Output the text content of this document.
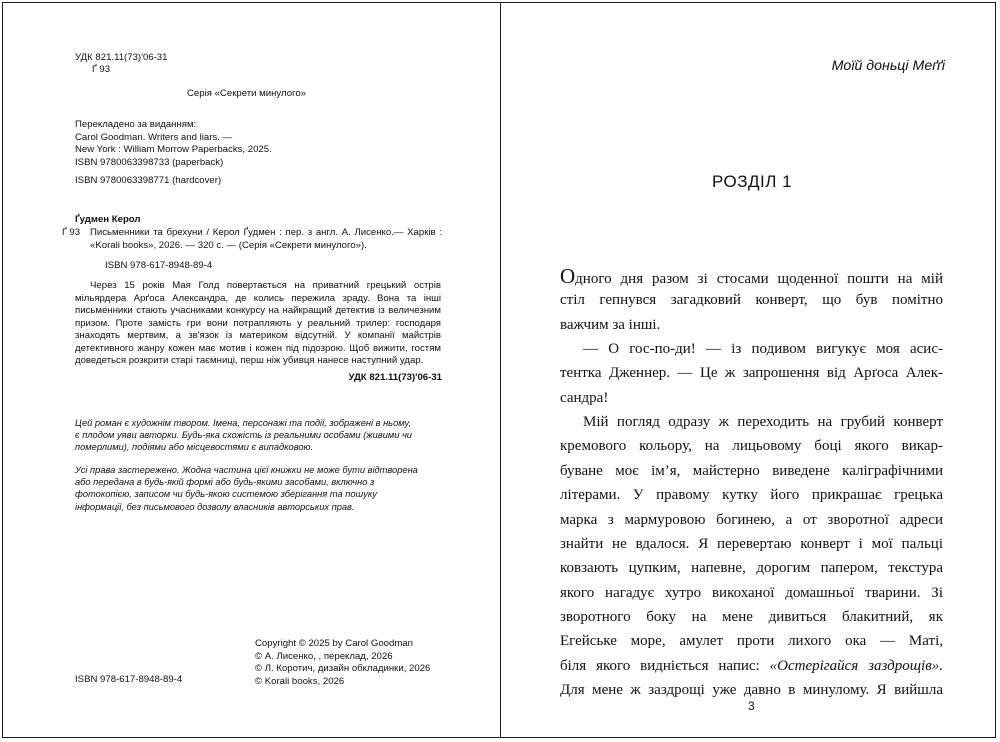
УДК 821.11(73)'06-31
Ґ 93
Серія «Секрети минулого»
Перекладено за виданням:
Carol Goodman. Writers and liars. —
New York : William Morrow Paperbacks, 2025.
ISBN 9780063398733 (paperback)
ISBN 9780063398771 (hardcover)
Ґудмен Керол
Ґ 93 Письменники та брехуни / Керол Ґудмен : пер. з англ. А. Лисенко.— Харків : «Korali books», 2026. — 320 с. — (Серія «Секрети минулого»).
ISBN 978-617-8948-89-4
Через 15 років Мая Голд повертається на приватний грецький острів мільярдера Арґоса Александра, де колись пережила зраду. Вона та інші письменники стають учасниками конкурсу на найкращий детектив із величезним призом. Проте замість гри вони потрапляють у реальний трилер: господаря знаходять мертвим, а зв'язок із материком відсутній. У компанії майстрів детективного жанру кожен має мотив і кожен під підозрою. Щоб вижити, гостям доведеться розкрити старі таємниці, перш ніж убивця нанесе наступний удар.
УДК 821.11(73)'06-31
Цей роман є художнім твором. Імена, персонажі та події, зображені в ньому, є плодом уяви авторки. Будь-яка схожість із реальними особами (живими чи померлими), подіями або місцевостями є випадковою.
Усі права застережено. Жодна частина цієї книжки не може бути відтворена або передана в будь-якій формі або будь-якими засобами, включно з фотокопією, записом чи будь-якою системою зберігання та пошуку інформації, без письмового дозволу власників авторських прав.
Copyright © 2025 by Carol Goodman
© А. Лисенко, , переклад, 2026
© Л. Коротич, дизайн обкладинки, 2026
© Korali books, 2026
ISBN 978-617-8948-89-4
Моїй доньці Меґґі
РОЗДІЛ 1
Одного дня разом зі стосами щоденної пошти на мій
стіл гепнувся загадковий конверт, що був помітно
важчим за інші.
— О гос-по-ди! — із подивом вигукує моя асис-
тентка Дженнер. — Це ж запрошення від Арґоса Алек-
сандра!
Мій погляд одразу ж переходить на грубий конверт
кремового кольору, на лицьовому боці якого викар-
буване моє ім’я, майстерно виведене каліграфічними
літерами. У правому кутку його прикрашає грецька
марка з мармуровою богинею, а от зворотної адреси
знайти не вдалося. Я перевертаю конверт і мої пальці
ковзають цупким, напевне, дорогим папером, текстура
якого нагадує хутро викоханої домашньої тварини. Зі
зворотного боку на мене дивиться блакитний, як
Егейське море, амулет проти лихого ока — Маті,
біля якого видніється напис: «Остерігайся заздрощів».
Для мене ж заздрощі уже давно в минулому. Я вийшла
3
